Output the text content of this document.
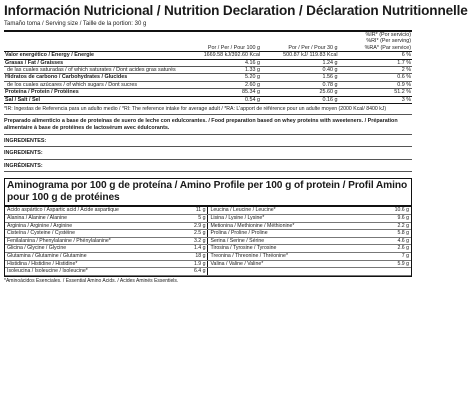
Información Nutricional / Nutrition Declaration / Déclaration Nutritionnelle
Tamaño toma / Serving size / Taille de la portion: 30 g
			%IR* (Por servicio)
			%RI* (Per serving)
	Por / Per / Pour 100 g	Por / Per / Pour 30 g	%RA* (Par service)
Valor energético / Energy / Énergie	1669.58 kJ/392.60 Kcal	500.87 kJ/ 119.83 Kcal	6 %
Grasas / Fat / Graisses	4.16 g	1.24 g	1.7 %
de las cuales saturadas / of which saturates / Dont acides gras saturés	1.33 g	0.40 g	2 %
Hidratos de carbono / Carbohydrates / Glucides	5.20 g	1.56 g	0.6 %
de los cuales azúcares / of which sugars / Dont sucres	2.60 g	0.78 g	0.9 %
Proteína / Protein / Protéines	85.34 g	25.60 g	51.2 %
Sal / Salt / Sel	0.54 g	0.16 g	3 %
*IR: Ingestas de Referencia para un adulto medio / *RI: The reference intake for average adult / *RA: L'apport de référence pour un adulte moyen (2000 Kcal/ 8400 kJ)
Preparado alimenticio a base de proteínas de suero de leche con edulcorantes. / Food preparation based on whey proteins with sweeteners. / Préparation alimentaire à base de protéines de lactosérum avec édulcorants.
INGREDIENTES:
INGREDIENTS:
INGRÉDIENTS:
Aminograma por 100 g de proteína / Amino Profile per 100 g of protein / Profil Amino pour 100 g de protéines
Ácido aspártico / Aspartic acid / Acide aspartique	11 g	Leucina / Leucine / Leucine*	10.6 g
Alanina / Alanine / Alanine	5 g	Lisina / Lysine / Lysine*	9.6 g
Arginina / Arginine / Arginine	2.9 g	Metionina / Methionine / Méthionine*	2.2 g
Cisteína / Cysteine / Cystéine	2.5 g	Prolina / Proline / Proline	5.8 g
Fenilalanina / Phenylalanine / Phénylalanine*	3.2 g	Serina / Serine / Sérine	4.6 g
Glicina / Glycine / Glycine	1.4 g	Tirosina / Tyrosine / Tyrosine	2.6 g
Glutamina / Glutamine / Glutamine	18 g	Treonina / Threonine / Thréonine*	7 g
Histidina / Histidine / Histidine*	1.9 g	Valina / Valine / Valine*	5.9 g
Isoleucina / Isoleucine / Isoleucine*	6.4 g		
*Aminoácidos Esenciales. / Essential Amino Acids. / Acides Aminés Essentiels.
